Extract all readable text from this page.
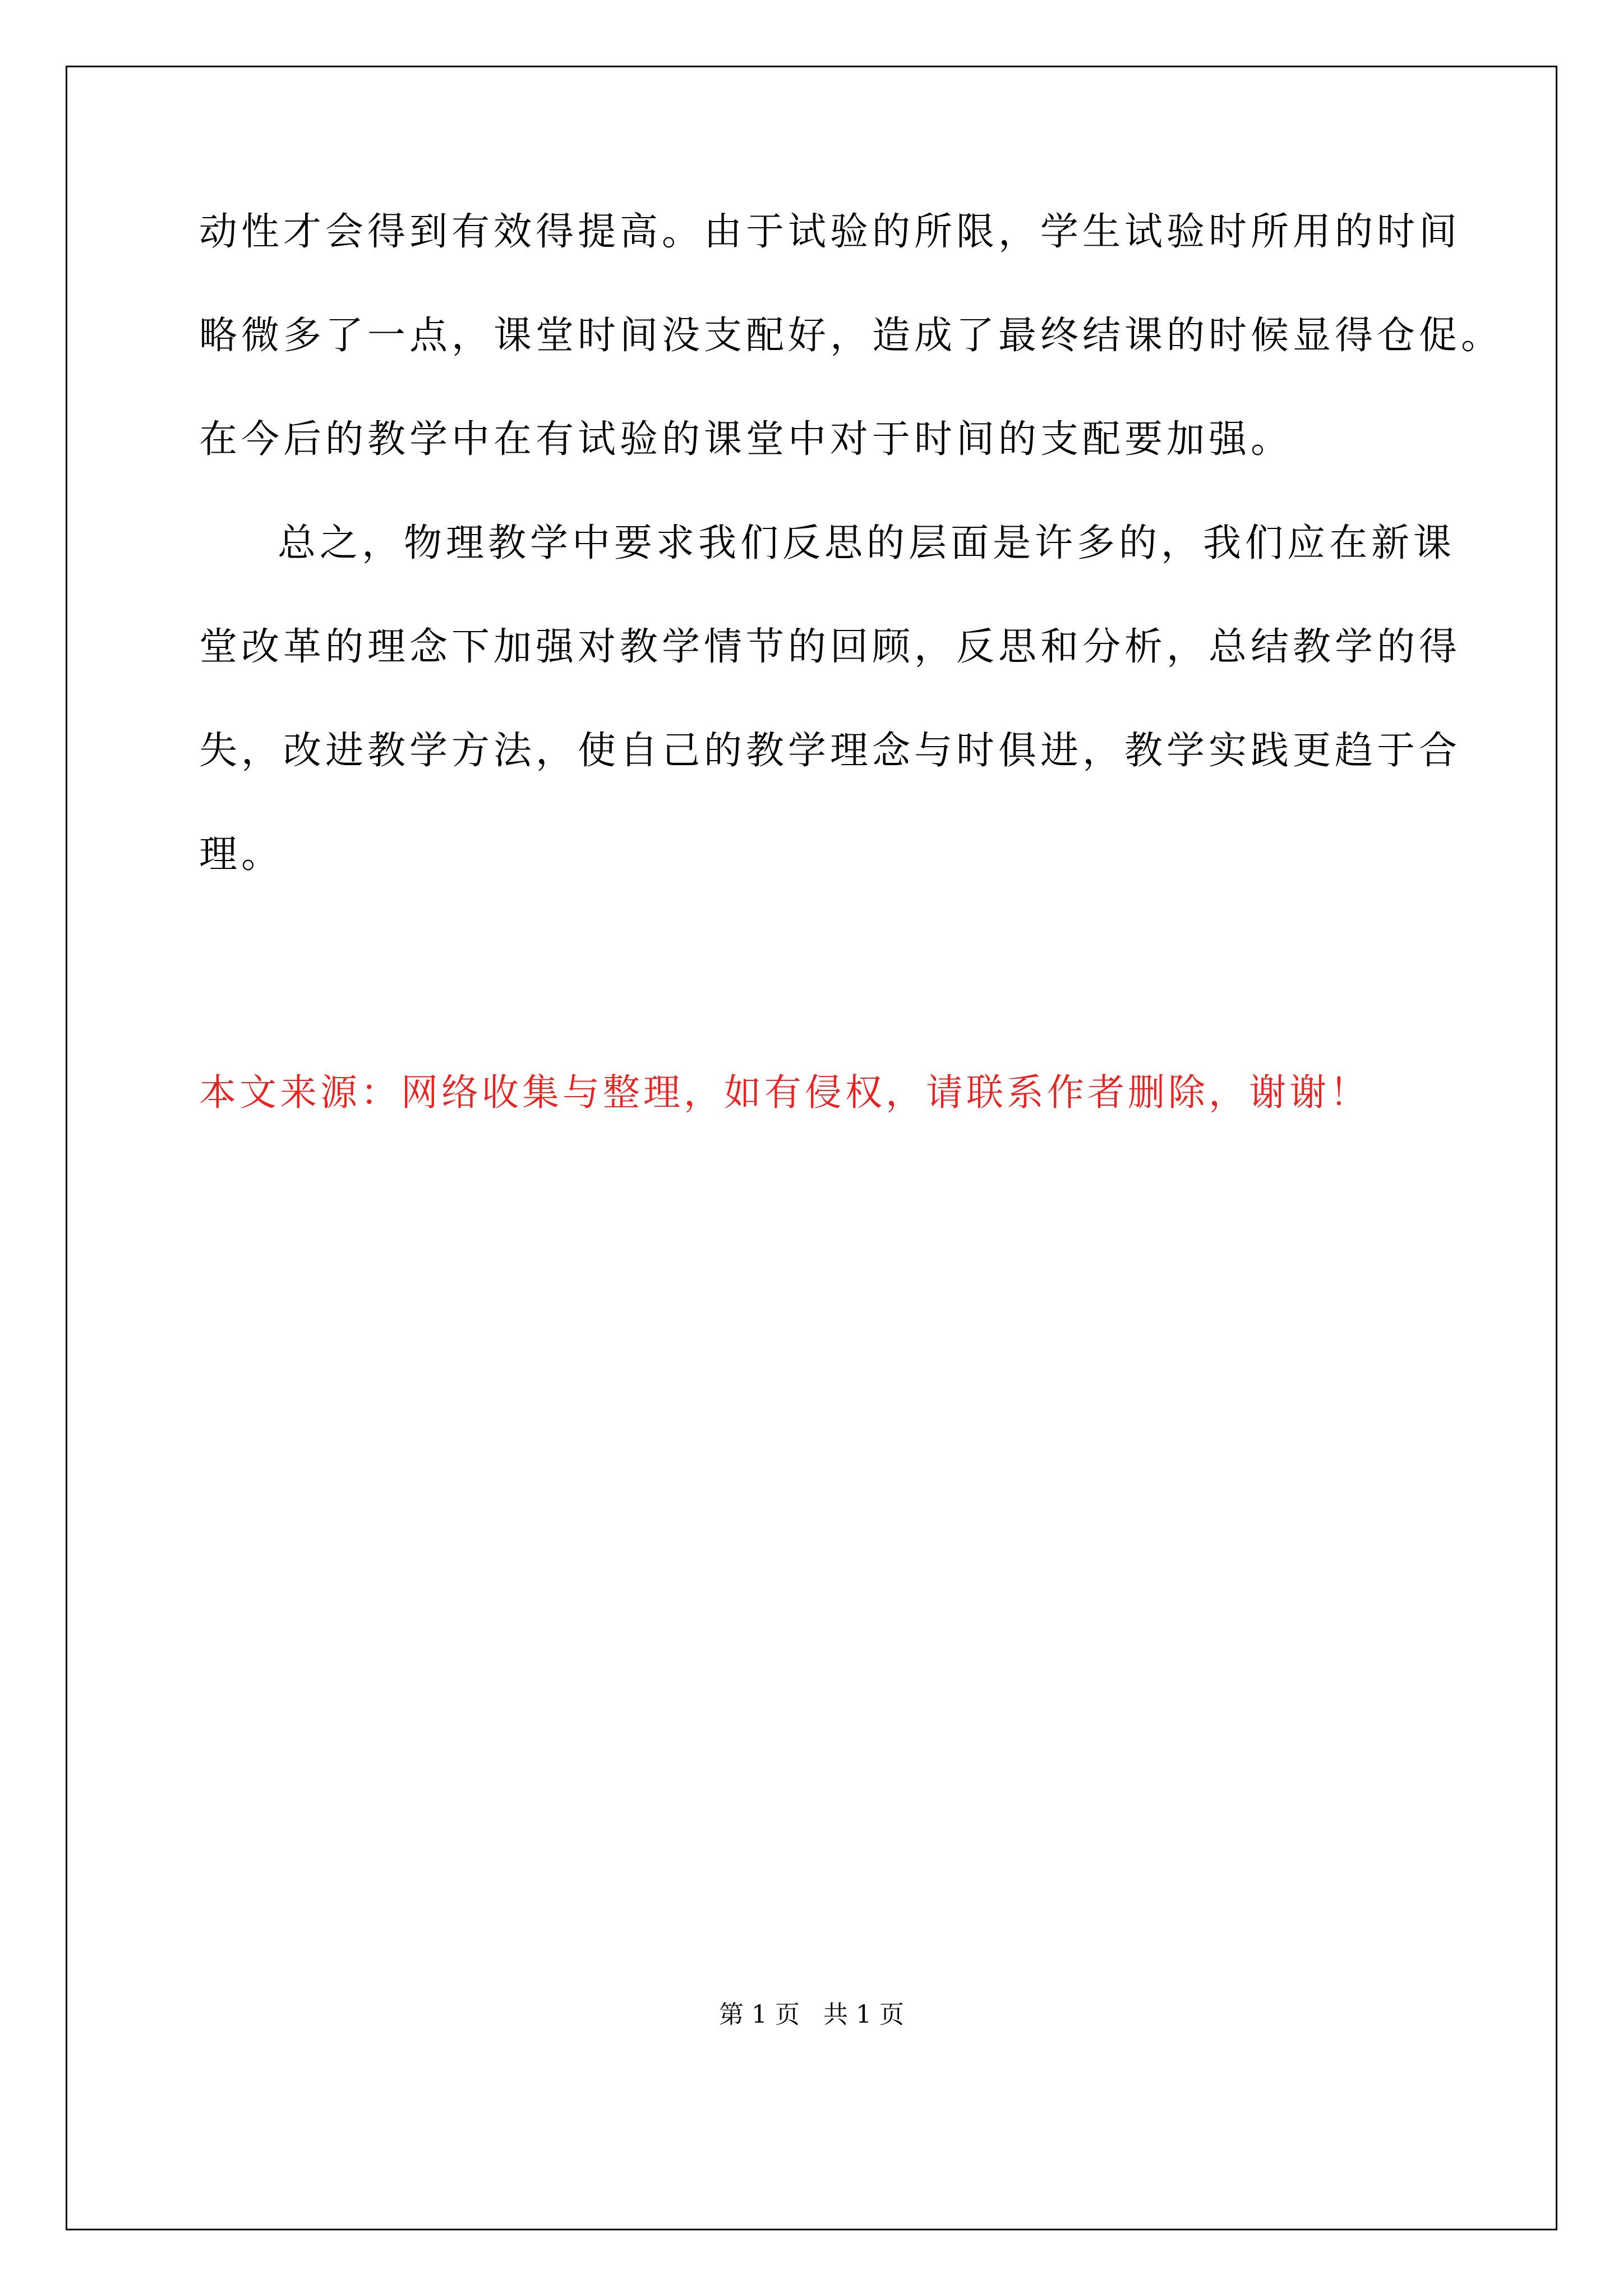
动性才会得到有效得提高。由于试验的所限，学生试验时所用的时间
略微多了一点，课堂时间没支配好，造成了最终结课的时候显得仓促。
在今后的教学中在有试验的课堂中对于时间的支配要加强。
总之，物理教学中要求我们反思的层面是许多的，我们应在新课
堂改革的理念下加强对教学情节的回顾，反思和分析，总结教学的得
失，改进教学方法，使自己的教学理念与时俱进，教学实践更趋于合
理。
本文来源：网络收集与整理，如有侵权，请联系作者删除，谢谢！
第 1 页   共 1 页
